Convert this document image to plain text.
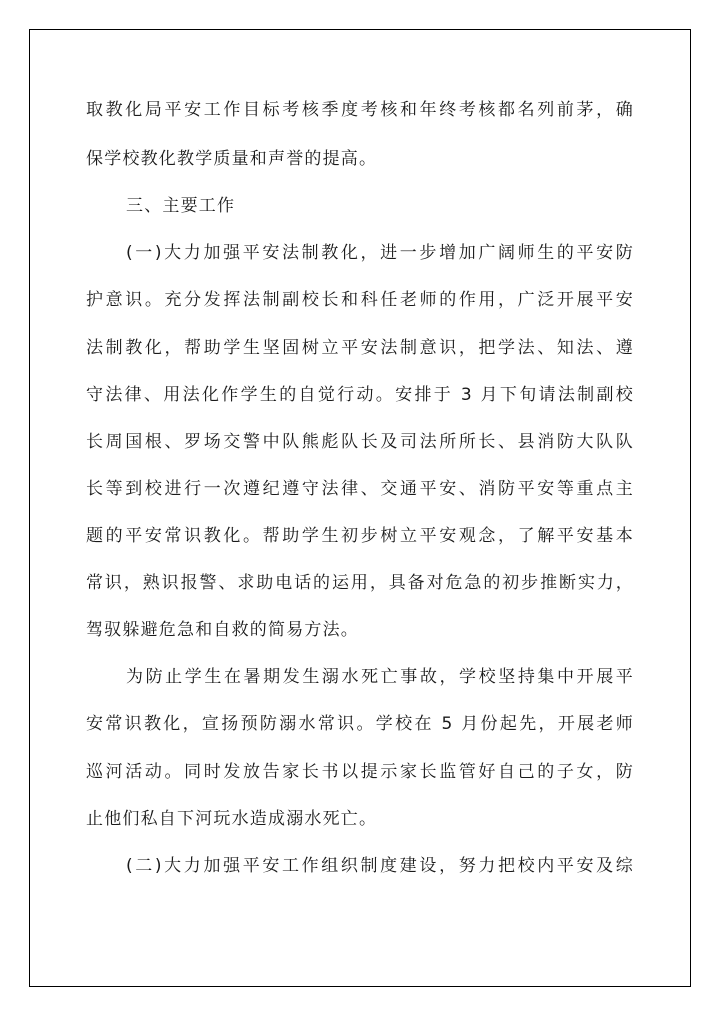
取教化局平安工作目标考核季度考核和年终考核都名列前茅，确
保学校教化教学质量和声誉的提高。
三、主要工作
(一)大力加强平安法制教化，进一步增加广阔师生的平安防
护意识。充分发挥法制副校长和科任老师的作用，广泛开展平安
法制教化，帮助学生坚固树立平安法制意识，把学法、知法、遵
守法律、用法化作学生的自觉行动。安排于 3 月下旬请法制副校
长周国根、罗场交警中队熊彪队长及司法所所长、县消防大队队
长等到校进行一次遵纪遵守法律、交通平安、消防平安等重点主
题的平安常识教化。帮助学生初步树立平安观念，了解平安基本
常识，熟识报警、求助电话的运用，具备对危急的初步推断实力，
驾驭躲避危急和自救的简易方法。
为防止学生在暑期发生溺水死亡事故，学校坚持集中开展平
安常识教化，宣扬预防溺水常识。学校在 5 月份起先，开展老师
巡河活动。同时发放告家长书以提示家长监管好自己的子女，防
止他们私自下河玩水造成溺水死亡。
(二)大力加强平安工作组织制度建设，努力把校内平安及综
